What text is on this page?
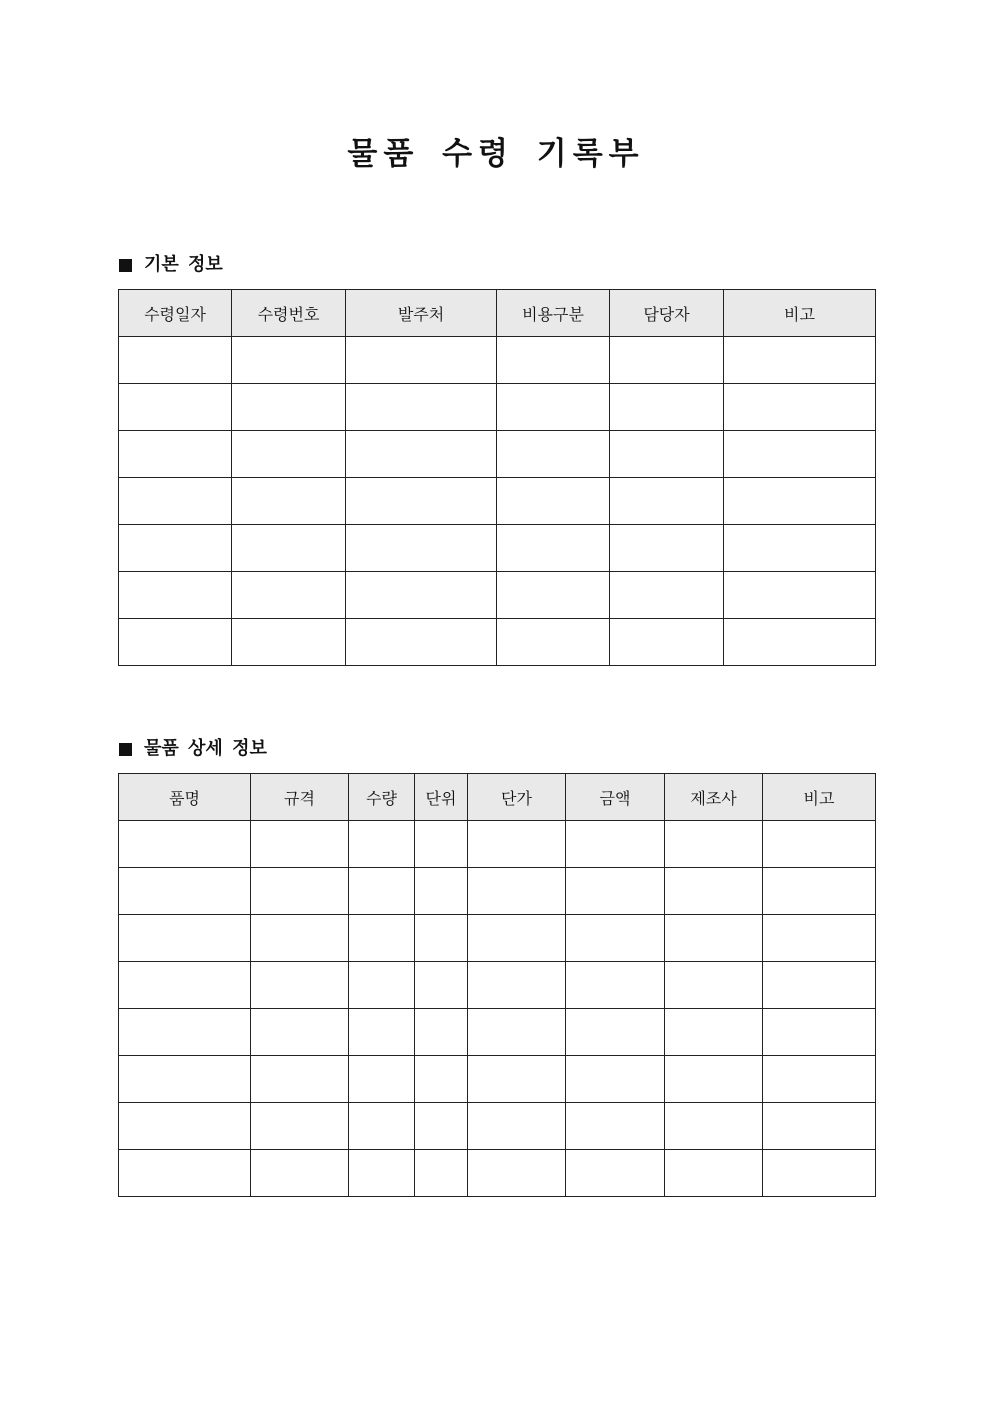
물품 수령 기록부
기본 정보
수령일자	수령번호	발주처	비용구분	담당자	비고

물품 상세 정보
품명	규격	수량	단위	단가	금액	제조사	비고
